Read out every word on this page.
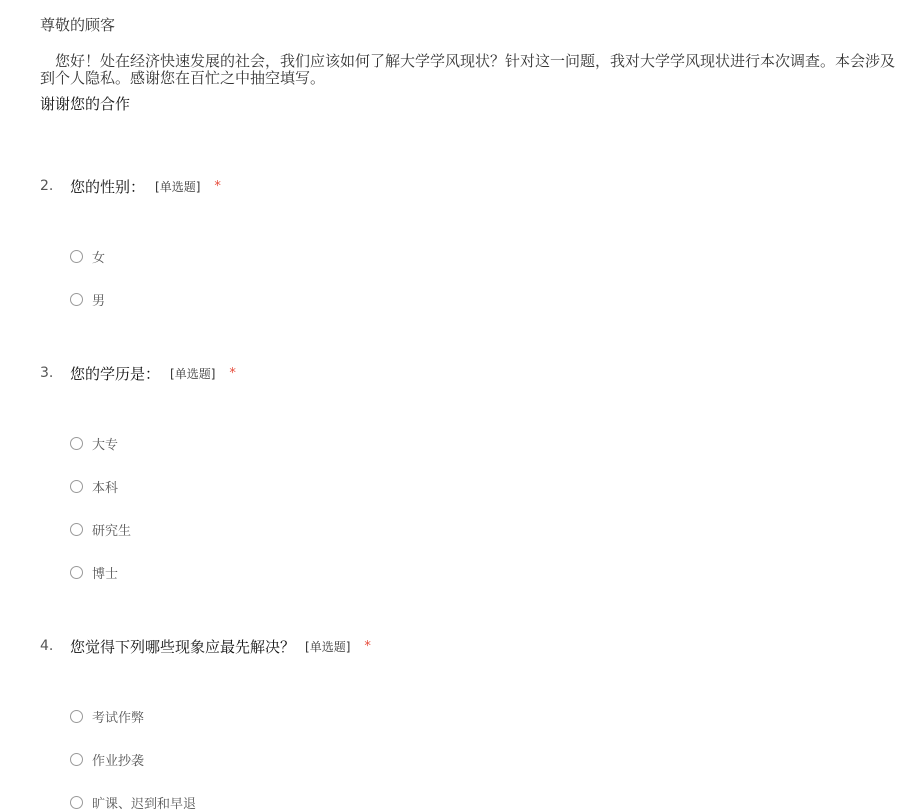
尊敬的顾客
您好！处在经济快速发展的社会，我们应该如何了解大学学风现状？针对这一问题，我对大学学风现状进行本次调查。本会涉及到个人隐私。感谢您在百忙之中抽空填写。
谢谢您的合作
2.	您的性别： [单选题] *
女
男
3.	您的学历是： [单选题] *
大专
本科
研究生
博士
4.	您觉得下列哪些现象应最先解决？ [单选题] *
考试作弊
作业抄袭
旷课、迟到和早退
